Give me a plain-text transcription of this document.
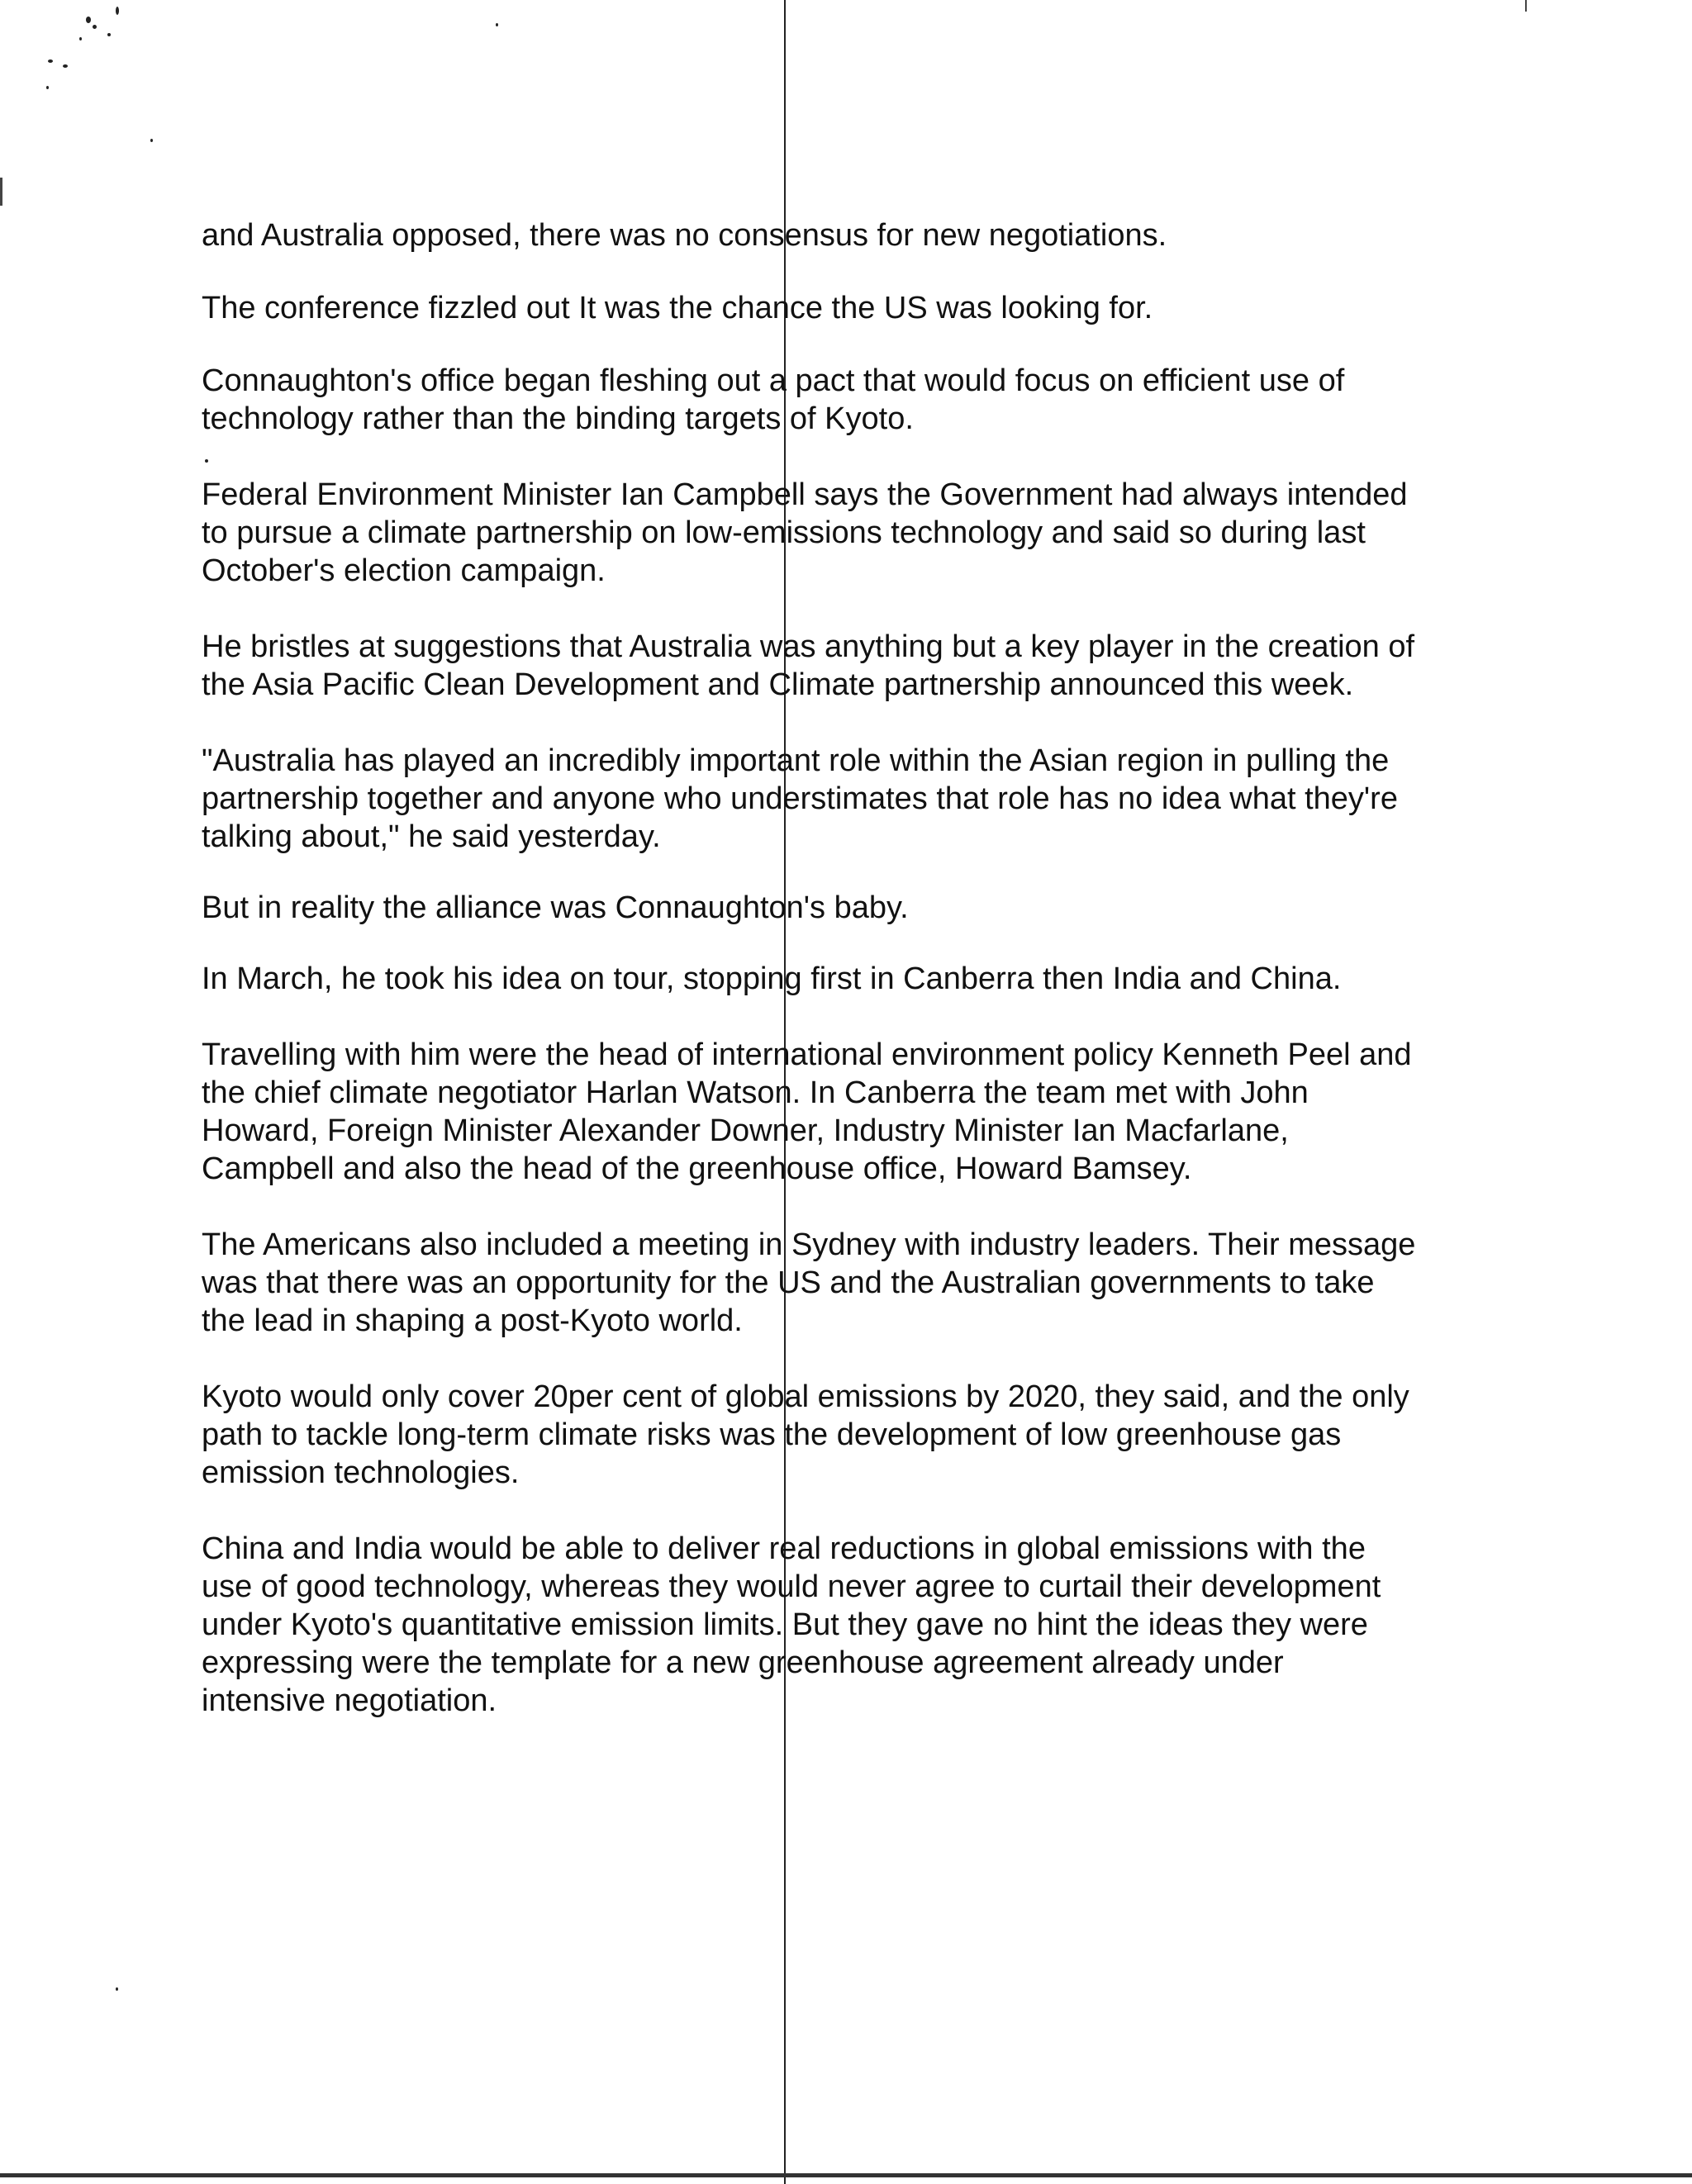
and Australia opposed, there was no consensus for new negotiations.

The conference fizzled out It was the chance the US was looking for.

Connaughton's office began fleshing out a pact that would focus on efficient use of technology rather than the binding targets of Kyoto.

Federal Environment Minister Ian Campbell says the Government had always intended to pursue a climate partnership on low-emissions technology and said so during last October's election campaign.

He bristles at suggestions that Australia was anything but a key player in the creation of the Asia Pacific Clean Development and Climate partnership announced this week.

"Australia has played an incredibly important role within the Asian region in pulling the partnership together and anyone who understimates that role has no idea what they're talking about," he said yesterday.

But in reality the alliance was Connaughton's baby.

In March, he took his idea on tour, stopping first in Canberra then India and China.

Travelling with him were the head of international environment policy Kenneth Peel and the chief climate negotiator Harlan Watson. In Canberra the team met with John Howard, Foreign Minister Alexander Downer, Industry Minister Ian Macfarlane, Campbell and also the head of the greenhouse office, Howard Bamsey.

The Americans also included a meeting in Sydney with industry leaders. Their message was that there was an opportunity for the US and the Australian governments to take the lead in shaping a post-Kyoto world.

Kyoto would only cover 20per cent of global emissions by 2020, they said, and the only path to tackle long-term climate risks was the development of low greenhouse gas emission technologies.

China and India would be able to deliver real reductions in global emissions with the use of good technology, whereas they would never agree to curtail their development under Kyoto's quantitative emission limits. But they gave no hint the ideas they were expressing were the template for a new greenhouse agreement already under intensive negotiation.
